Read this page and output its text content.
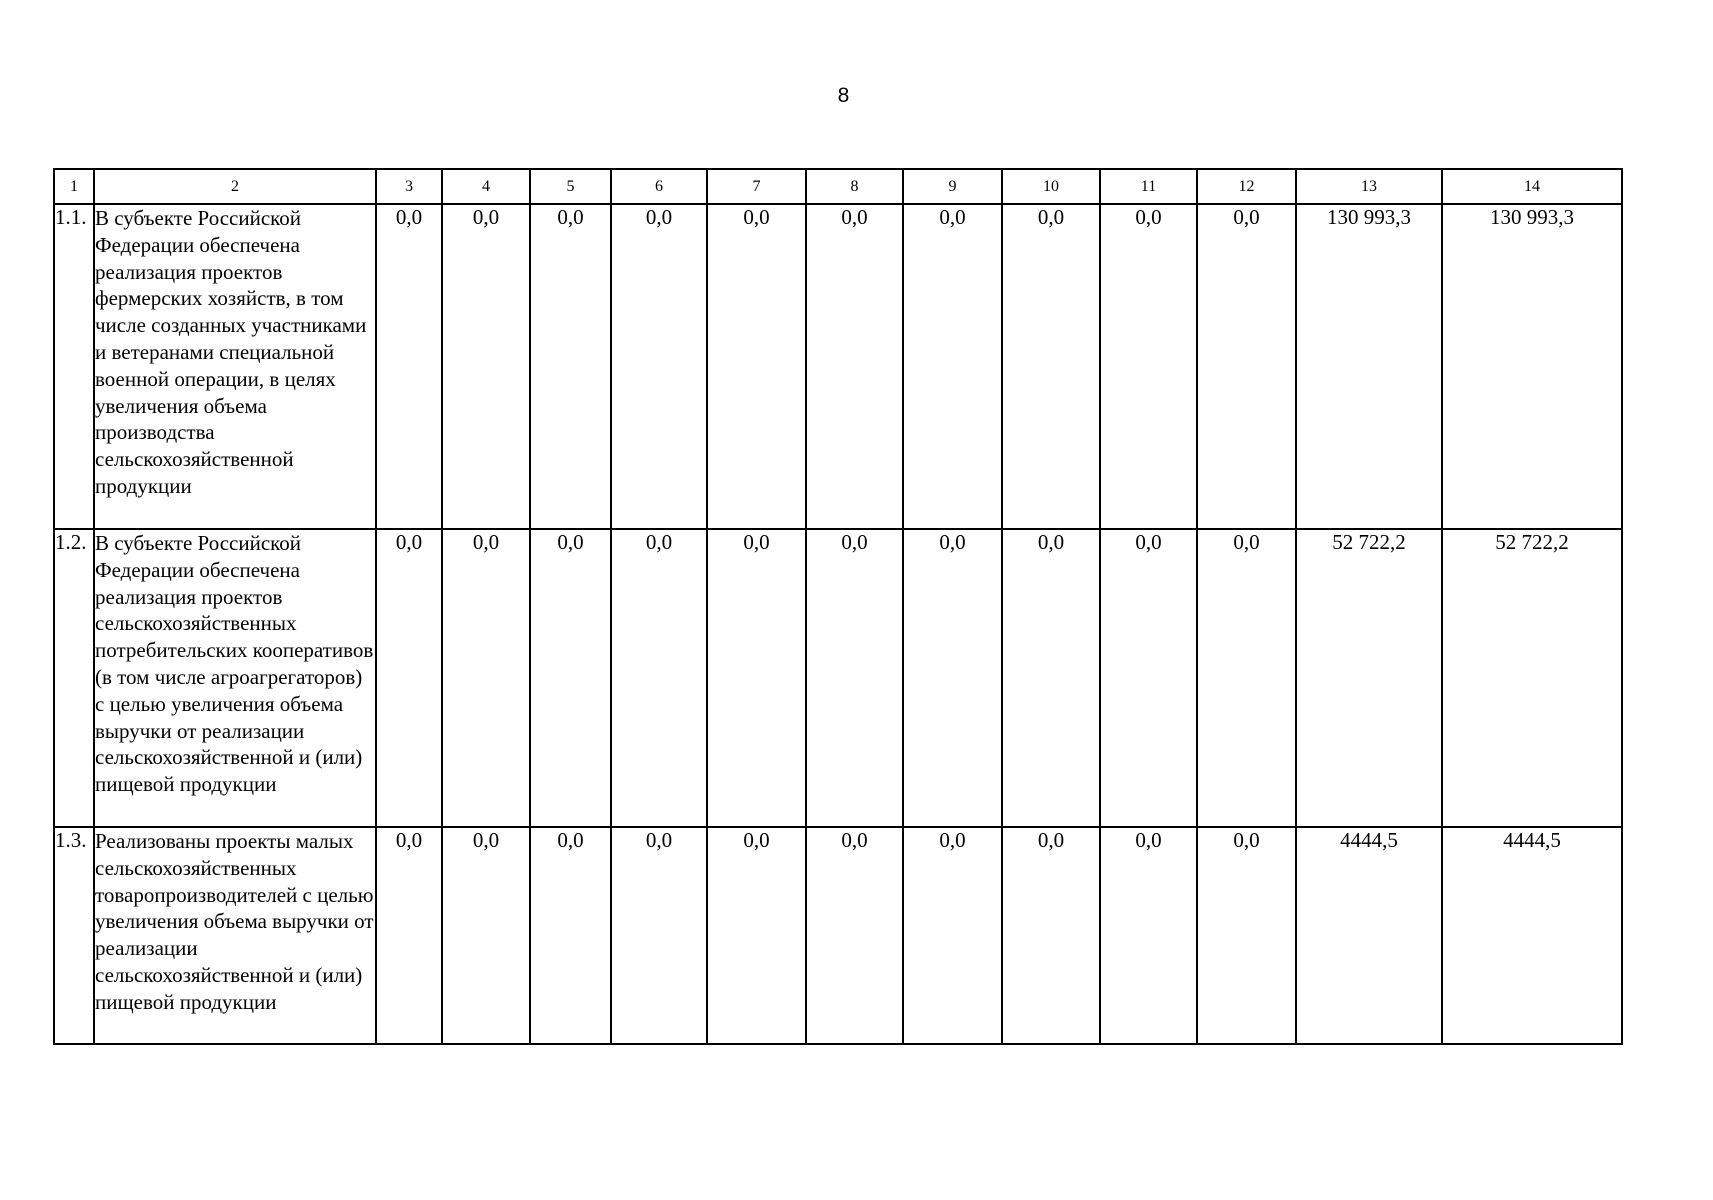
8
1	2	3	4	5	6	7	8	9	10	11	12	13	14
1.1.	В субъекте Российской Федерации обеспечена реализация проектов фермерских хозяйств, в том числе созданных участниками и ветеранами специальной военной операции, в целях увеличения объема производства сельскохозяйственной продукции	0,0	0,0	0,0	0,0	0,0	0,0	0,0	0,0	0,0	0,0	130 993,3	130 993,3
1.2.	В субъекте Российской Федерации обеспечена реализация проектов сельскохозяйственных потребительских кооперативов (в том числе агроагрегаторов) с целью увеличения объема выручки от реализации сельскохозяйственной и (или) пищевой продукции	0,0	0,0	0,0	0,0	0,0	0,0	0,0	0,0	0,0	0,0	52 722,2	52 722,2
1.3.	Реализованы проекты малых сельскохозяйственных товаропроизводителей с целью увеличения объема выручки от реализации сельскохозяйственной и (или) пищевой продукции	0,0	0,0	0,0	0,0	0,0	0,0	0,0	0,0	0,0	0,0	4444,5	4444,5
